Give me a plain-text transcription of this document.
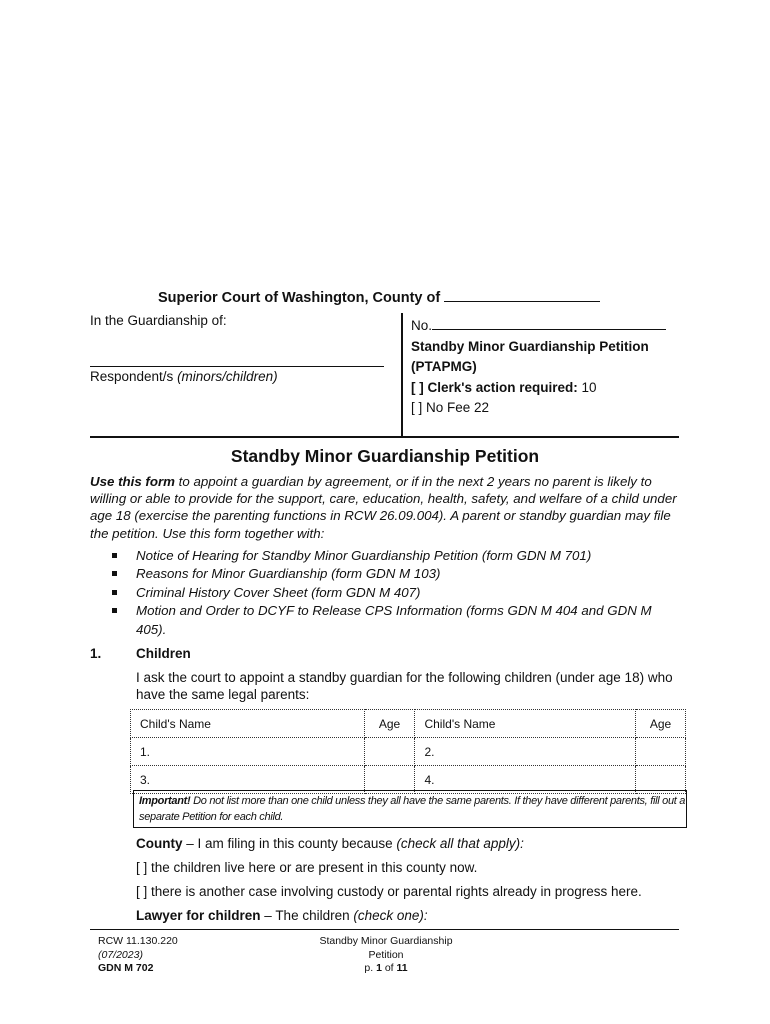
Superior Court of Washington, County of
In the Guardianship of:
Respondent/s (minors/children)
No.
Standby Minor Guardianship Petition
(PTAPMG)
[ ] Clerk's action required: 10
[ ] No Fee 22
Standby Minor Guardianship Petition
Use this form to appoint a guardian by agreement, or if in the next 2 years no parent is likely to willing or able to provide for the support, care, education, health, safety, and welfare of a child under age 18 (exercise the parenting functions in RCW 26.09.004). A parent or standby guardian may file the petition. Use this form together with:
Notice of Hearing for Standby Minor Guardianship Petition (form GDN M 701)
Reasons for Minor Guardianship (form GDN M 103)
Criminal History Cover Sheet (form GDN M 407)
Motion and Order to DCYF to Release CPS Information (forms GDN M 404 and GDN M 405).
1.	Children
I ask the court to appoint a standby guardian for the following children (under age 18) who have the same legal parents:
Child's Name	Age	Child's Name	Age
1.		2.	
3.		4.	
Important! Do not list more than one child unless they all have the same parents. If they have different parents, fill out a separate Petition for each child.
County – I am filing in this county because (check all that apply):
[ ] the children live here or are present in this county now.
[ ] there is another case involving custody or parental rights already in progress here.
Lawyer for children – The children (check one):
RCW 11.130.220
(07/2023)
GDN M 702
Standby Minor Guardianship
Petition
p. 1 of 11
